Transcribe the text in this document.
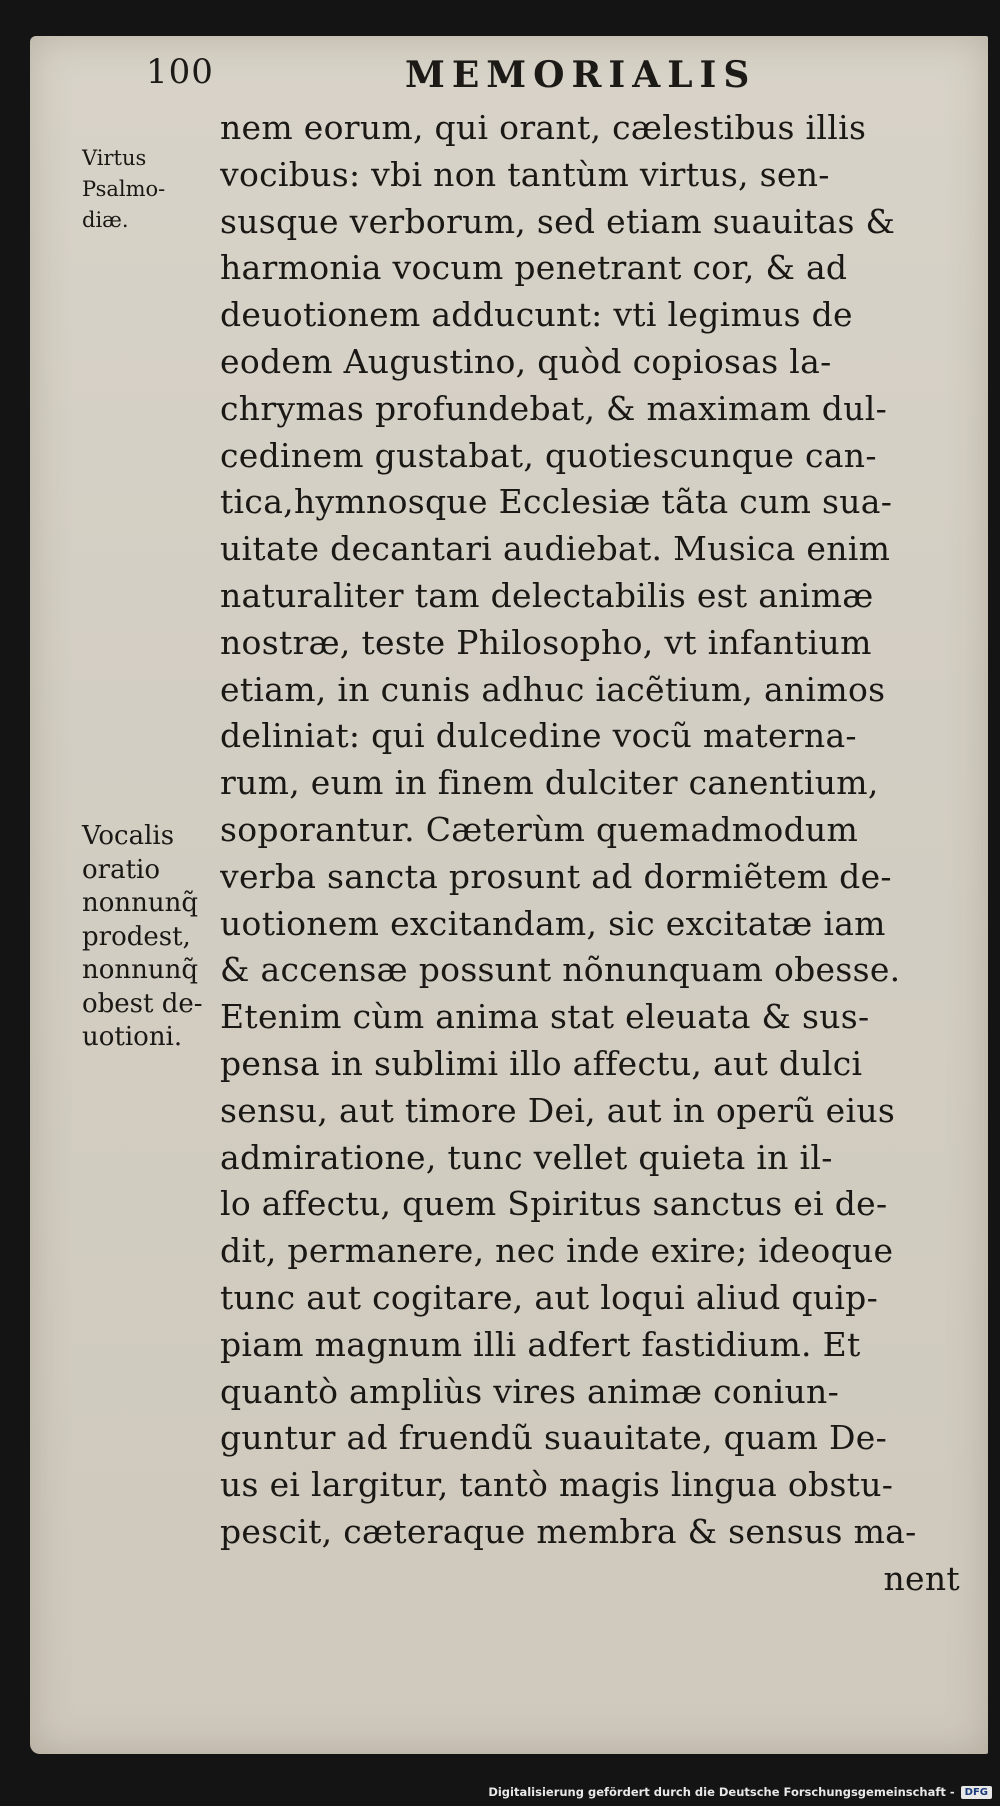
100	MEMORIALIS
Virtus
Psalmo-
diæ.
Vocalis
oratio
nonnunq̃
prodest,
nonnunq̃
obest de-
uotioni.
nem eorum, qui orant, cælestibus illis
vocibus: vbi non tantùm virtus, sen-
susque verborum, sed etiam suauitas &
harmonia vocum penetrant cor, & ad
deuotionem adducunt: vti legimus de
eodem Augustino, quòd copiosas la-
chrymas profundebat, & maximam dul-
cedinem gustabat, quotiescunque can-
tica,hymnosque Ecclesiæ tãta cum sua-
uitate decantari audiebat. Musica enim
naturaliter tam delectabilis est animæ
nostræ, teste Philosopho, vt infantium
etiam, in cunis adhuc iacẽtium, animos
deliniat: qui dulcedine vocũ materna-
rum, eum in finem dulciter canentium,
soporantur. Cæterùm quemadmodum
verba sancta prosunt ad dormiẽtem de-
uotionem excitandam, sic excitatæ iam
& accensæ possunt nõnunquam obesse.
Etenim cùm anima stat eleuata & sus-
pensa in sublimi illo affectu, aut dulci
sensu, aut timore Dei, aut in operũ eius
admiratione, tunc vellet quieta in il-
lo affectu, quem Spiritus sanctus ei de-
dit, permanere, nec inde exire; ideoque
tunc aut cogitare, aut loqui aliud quip-
piam magnum illi adfert fastidium. Et
quantò ampliùs vires animæ coniun-
guntur ad fruendũ suauitate, quam De-
us ei largitur, tantò magis lingua obstu-
pescit, cæteraque membra & sensus ma-
nent
Digitalisierung gefördert durch die Deutsche Forschungsgemeinschaft -	DFG
